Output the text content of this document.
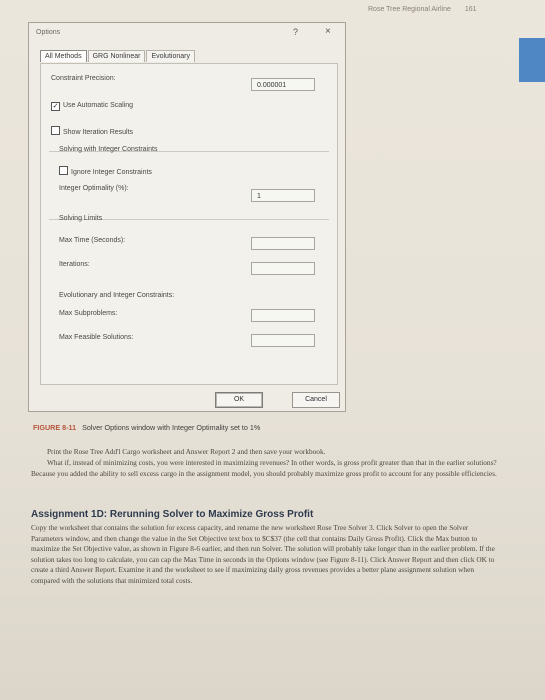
Rose Tree Regional Airline 161
Options	?	×
All Methods	GRG Nonlinear	Evolutionary
Constraint Precision:
0.000001
✓ Use Automatic Scaling
Show Iteration Results
Solving with Integer Constraints
Ignore Integer Constraints
Integer Optimality (%):
1
Solving Limits
Max Time (Seconds):
Iterations:
Evolutionary and Integer Constraints:
Max Subproblems:
Max Feasible Solutions:
OK	Cancel
FIGURE 8-11 Solver Options window with Integer Optimality set to 1%

Print the Rose Tree Add'l Cargo worksheet and Answer Report 2 and then save your workbook.

What if, instead of minimizing costs, you were interested in maximizing revenues? In other words, is gross profit greater than that in the earlier solutions? Because you added the ability to sell excess cargo in the assignment model, you should probably maximize gross profit to account for any possible efficiencies.

Assignment 1D: Rerunning Solver to Maximize Gross Profit

Copy the worksheet that contains the solution for excess capacity, and rename the new worksheet Rose Tree Solver 3. Click Solver to open the Solver Parameters window, and then change the value in the Set Objective text box to $C$37 (the cell that contains Daily Gross Profit). Click the Max button to maximize the Set Objective value, as shown in Figure 8-6 earlier, and then run Solver. The solution will probably take longer than in the earlier problem. If the solution takes too long to calculate, you can cap the Max Time in seconds in the Options window (see Figure 8-11). Click Answer Report and then click OK to create a third Answer Report. Examine it and the worksheet to see if maximizing daily gross revenues provides a better plane assignment solution when compared with the solutions that minimized total costs.
